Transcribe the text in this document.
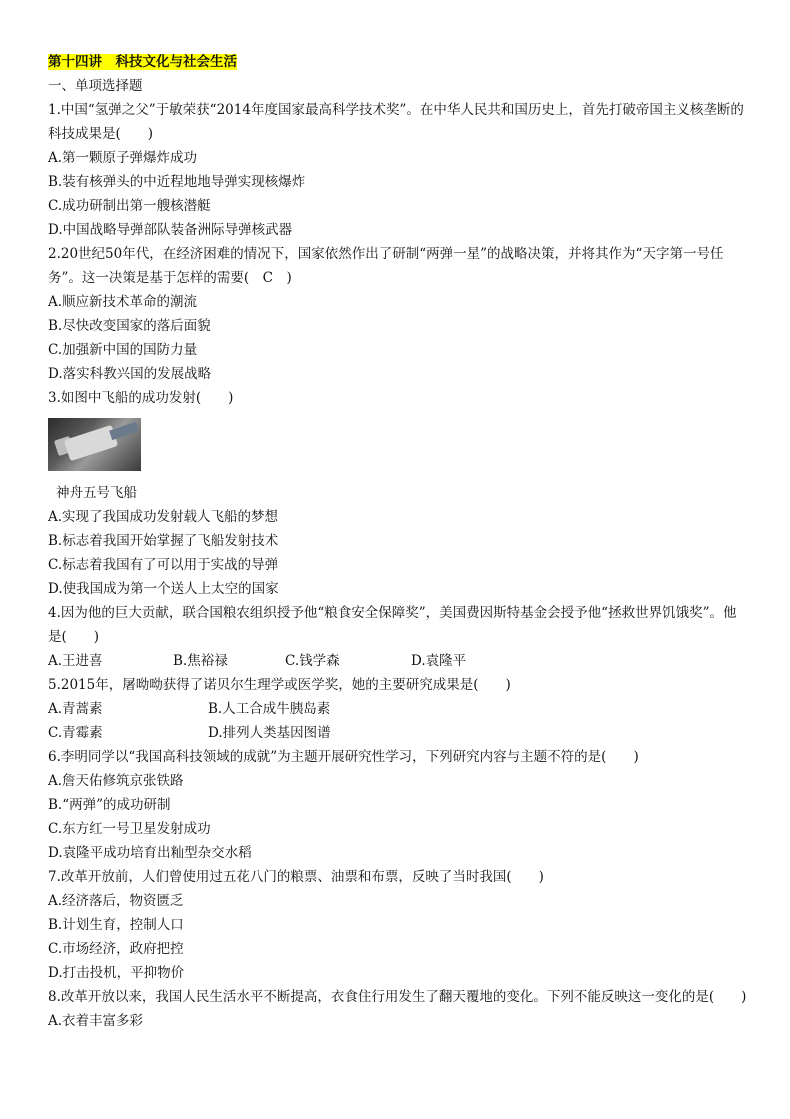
第十四讲　科技文化与社会生活
一、单项选择题
1.中国“氢弹之父”于敏荣获“2014年度国家最高科学技术奖”。在中华人民共和国历史上，首先打破帝国主义核垄断的科技成果是(　　)
A.第一颗原子弹爆炸成功
B.装有核弹头的中近程地地导弹实现核爆炸
C.成功研制出第一艘核潜艇
D.中国战略导弹部队装备洲际导弹核武器
2.20世纪50年代，在经济困难的情况下，国家依然作出了研制“两弹一星”的战略决策，并将其作为“天字第一号任务”。这一决策是基于怎样的需要(　 C　 )
A.顺应新技术革命的潮流
B.尽快改变国家的落后面貌
C.加强新中国的国防力量
D.落实科教兴国的发展战略
3.如图中飞船的成功发射(　　)
神舟五号飞船
A.实现了我国成功发射载人飞船的梦想
B.标志着我国开始掌握了飞船发射技术
C.标志着我国有了可以用于实战的导弹
D.使我国成为第一个送人上太空的国家
4.因为他的巨大贡献，联合国粮农组织授予他“粮食安全保障奖”，美国费因斯特基金会授予他“拯救世界饥饿奖”。他是(　　)
A.王进喜	B.焦裕禄	C.钱学森	D.袁隆平
5.2015年，屠呦呦获得了诺贝尔生理学或医学奖，她的主要研究成果是(　　)
A.青蒿素	B.人工合成牛胰岛素
C.青霉素	D.排列人类基因图谱
6.李明同学以“我国高科技领域的成就”为主题开展研究性学习，下列研究内容与主题不符的是(　　)
A.詹天佑修筑京张铁路
B.“两弹”的成功研制
C.东方红一号卫星发射成功
D.袁隆平成功培育出籼型杂交水稻
7.改革开放前，人们曾使用过五花八门的粮票、油票和布票，反映了当时我国(　　)
A.经济落后，物资匮乏
B.计划生育，控制人口
C.市场经济，政府把控
D.打击投机，平抑物价
8.改革开放以来，我国人民生活水平不断提高，衣食住行用发生了翻天覆地的变化。下列不能反映这一变化的是(　　)
A.衣着丰富多彩
